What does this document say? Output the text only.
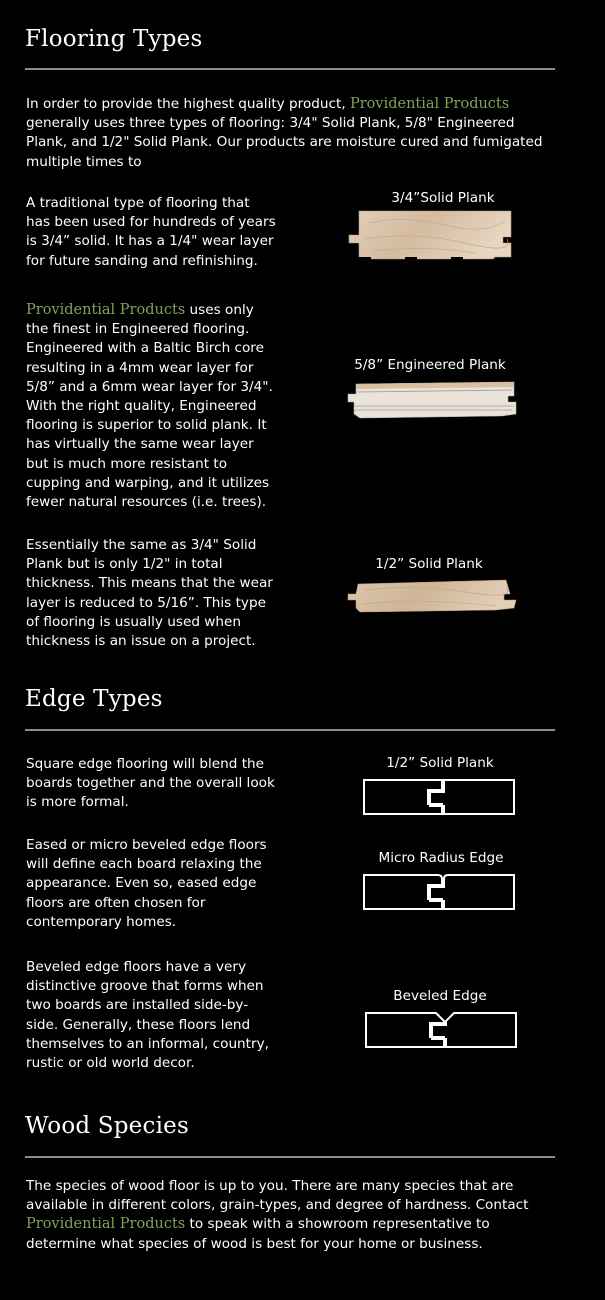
Flooring Types

In order to provide the highest quality product, Providential Products generally uses three types of flooring: 3/4" Solid Plank, 5/8" Engineered Plank, and 1/2" Solid Plank. Our products are moisture cured and fumigated multiple times to

A traditional type of flooring that has been used for hundreds of years is 3/4” solid. It has a 1/4" wear layer for future sanding and refinishing.

3/4”Solid Plank

Providential Products uses only the finest in Engineered flooring. Engineered with a Baltic Birch core resulting in a 4mm wear layer for 5/8” and a 6mm wear layer for 3/4". With the right quality, Engineered flooring is superior to solid plank. It has virtually the same wear layer but is much more resistant to cupping and warping, and it utilizes fewer natural resources (i.e. trees).

5/8” Engineered Plank

Essentially the same as 3/4" Solid Plank but is only 1/2" in total thickness. This means that the wear layer is reduced to 5/16”. This type of flooring is usually used when thickness is an issue on a project.

1/2” Solid Plank
Edge Types

Square edge flooring will blend the boards together and the overall look is more formal.

1/2” Solid Plank

Eased or micro beveled edge floors will define each board relaxing the appearance. Even so, eased edge floors are often chosen for contemporary homes.

Micro Radius Edge

Beveled edge floors have a very distinctive groove that forms when two boards are installed side-by-side. Generally, these floors lend themselves to an informal, country, rustic or old world decor.

Beveled Edge
Wood Species

The species of wood floor is up to you. There are many species that are available in different colors, grain-types, and degree of hardness. Contact Providential Products to speak with a showroom representative to determine what species of wood is best for your home or business.
